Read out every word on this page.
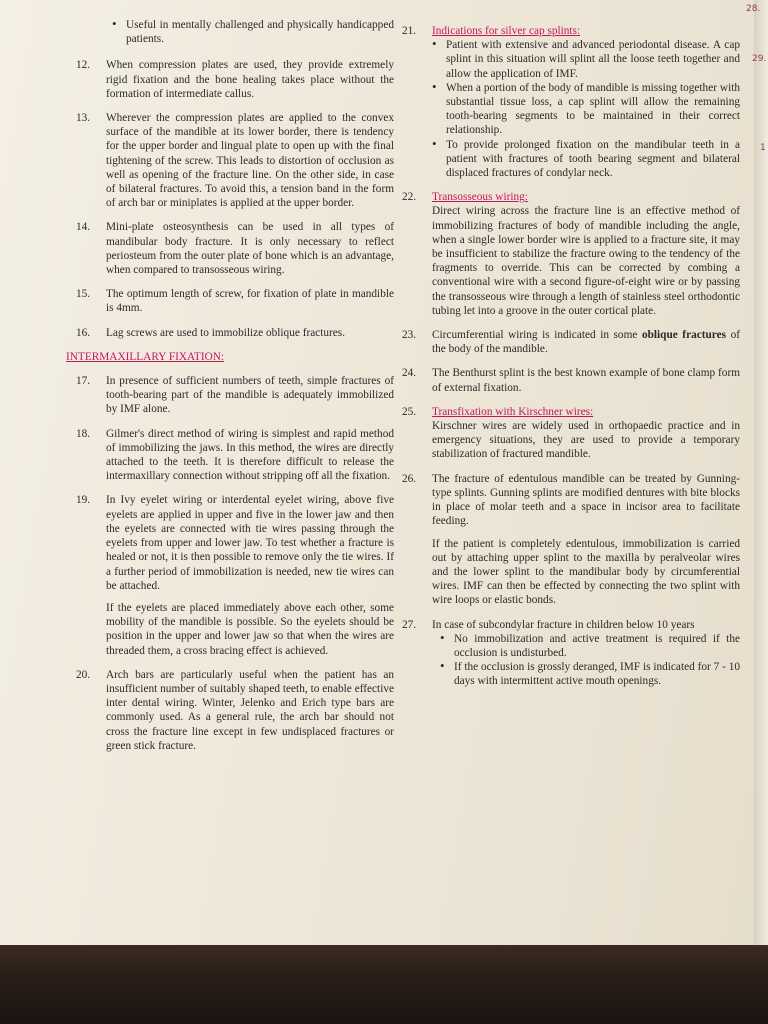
28.
29.
1
• Useful in mentally challenged and physically handicapped patients.
12. When compression plates are used, they provide extremely rigid fixation and the bone healing takes place without the formation of intermediate callus.
13. Wherever the compression plates are applied to the convex surface of the mandible at its lower border, there is tendency for the upper border and lingual plate to open up with the final tightening of the screw. This leads to distortion of occlusion as well as opening of the fracture line. On the other side, in case of bilateral fractures. To avoid this, a tension band in the form of arch bar or miniplates is applied at the upper border.
14. Mini-plate osteosynthesis can be used in all types of mandibular body fracture. It is only necessary to reflect periosteum from the outer plate of bone which is an advantage, when compared to transosseous wiring.
15. The optimum length of screw, for fixation of plate in mandible is 4mm.
16. Lag screws are used to immobilize oblique fractures.
INTERMAXILLARY FIXATION:
17. In presence of sufficient numbers of teeth, simple fractures of tooth-bearing part of the mandible is adequately immobilized by IMF alone.
18. Gilmer's direct method of wiring is simplest and rapid method of immobilizing the jaws. In this method, the wires are directly attached to the teeth. It is therefore difficult to release the intermaxillary connection without stripping off all the fixation.
19. In Ivy eyelet wiring or interdental eyelet wiring, above five eyelets are applied in upper and five in the lower jaw and then the eyelets are connected with tie wires passing through the eyelets from upper and lower jaw. To test whether a fracture is healed or not, it is then possible to remove only the tie wires. If a further period of immobilization is needed, new tie wires can be attached.
If the eyelets are placed immediately above each other, some mobility of the mandible is possible. So the eyelets should be position in the upper and lower jaw so that when the wires are threaded them, a cross bracing effect is achieved.
20. Arch bars are particularly useful when the patient has an insufficient number of suitably shaped teeth, to enable effective inter dental wiring. Winter, Jelenko and Erich type bars are commonly used. As a general rule, the arch bar should not cross the fracture line except in few undisplaced fractures or green stick fracture.
21. Indications for silver cap splints:
• Patient with extensive and advanced periodontal disease. A cap splint in this situation will splint all the loose teeth together and allow the application of IMF.
• When a portion of the body of mandible is missing together with substantial tissue loss, a cap splint will allow the remaining tooth-bearing segments to be maintained in their correct relationship.
• To provide prolonged fixation on the mandibular teeth in a patient with fractures of tooth bearing segment and bilateral displaced fractures of condylar neck.
22. Transosseous wiring:
Direct wiring across the fracture line is an effective method of immobilizing fractures of body of mandible including the angle, when a single lower border wire is applied to a fracture site, it may be insufficient to stabilize the fracture owing to the tendency of the fragments to override. This can be corrected by combing a conventional wire with a second figure-of-eight wire or by passing the transosseous wire through a length of stainless steel orthodontic tubing let into a groove in the outer cortical plate.
23. Circumferential wiring is indicated in some oblique fractures of the body of the mandible.
24. The Benthurst splint is the best known example of bone clamp form of external fixation.
25. Transfixation with Kirschner wires:
Kirschner wires are widely used in orthopaedic practice and in emergency situations, they are used to provide a temporary stabilization of fractured mandible.
26. The fracture of edentulous mandible can be treated by Gunning-type splints. Gunning splints are modified dentures with bite blocks in place of molar teeth and a space in incisor area to facilitate feeding.
If the patient is completely edentulous, immobilization is carried out by attaching upper splint to the maxilla by peralveolar wires and the lower splint to the mandibular body by circumferential wires. IMF can then be effected by connecting the two splint with wire loops or elastic bonds.
27. In case of subcondylar fracture in children below 10 years
• No immobilization and active treatment is required if the occlusion is undisturbed.
• If the occlusion is grossly deranged, IMF is indicated for 7 - 10 days with intermittent active mouth openings.
